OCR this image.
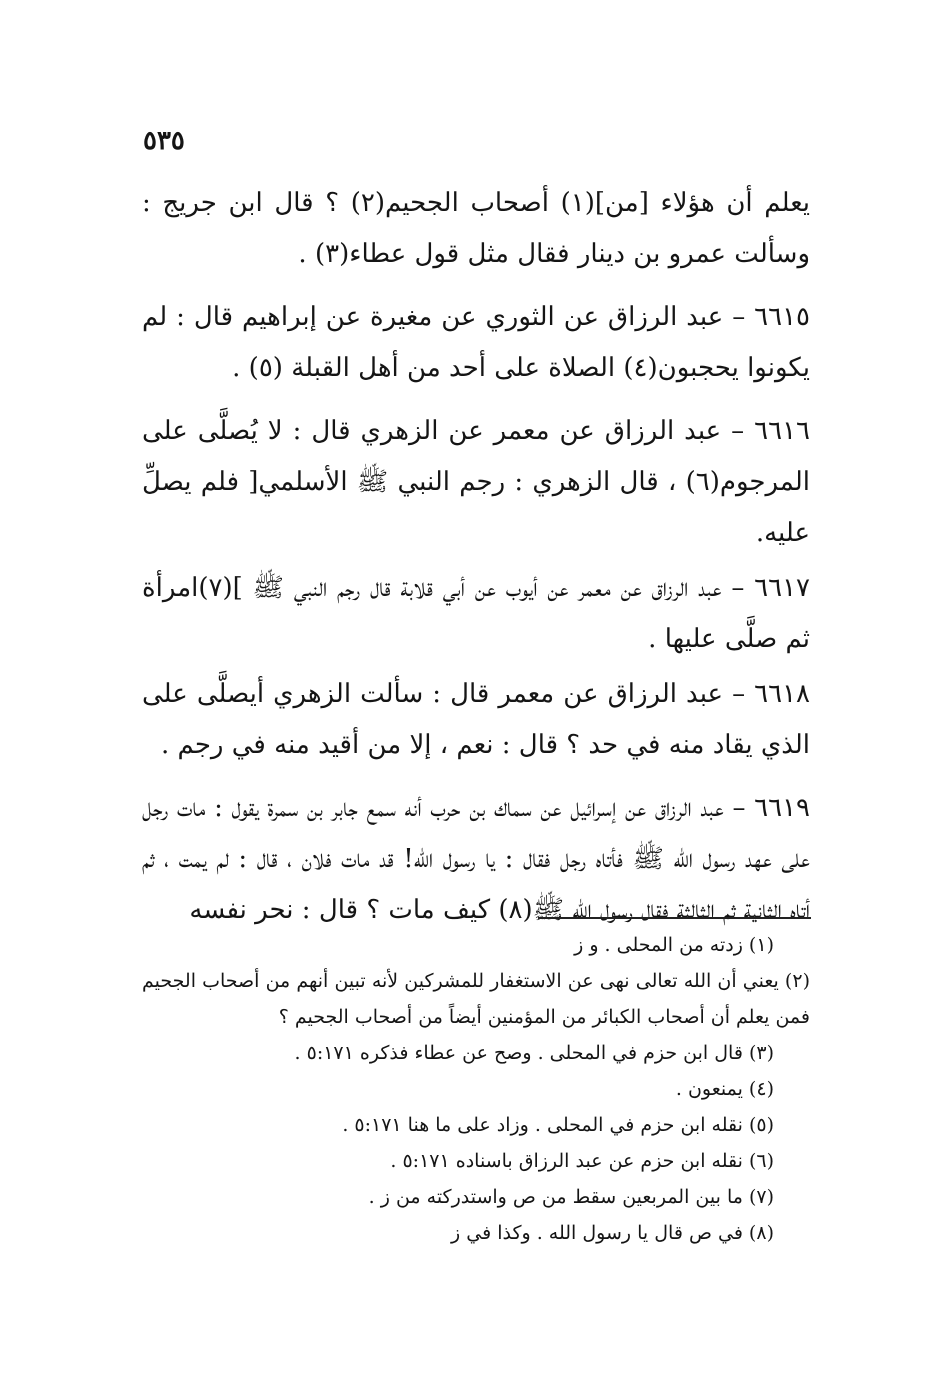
٥٣٥

يعلم أن هؤلاء [من](١) أصحاب الجحيم(٢) ؟ قال ابن جريج : وسألت عمرو بن دينار فقال مثل قول عطاء(٣) .

٦٦١٥ – عبد الرزاق عن الثوري عن مغيرة عن إبراهيم قال : لم يكونوا يحجبون(٤) الصلاة على أحد من أهل القبلة (٥) .

٦٦١٦ – عبد الرزاق عن معمر عن الزهري قال : لا يُصلَّى على المرجوم(٦) ، قال الزهري : رجم النبي ﷺ الأسلمي[ فلم يصلِّ عليه.

٦٦١٧ – عبد الرزاق عن معمر عن أيوب عن أبي قلابة قال رجم النبي ﷺ ](٧)امرأة ثم صلَّى عليها .

٦٦١٨ – عبد الرزاق عن معمر قال : سألت الزهري أيصلَّى على الذي يقاد منه في حد ؟ قال : نعم ، إلا من أقيد منه في رجم .

٦٦١٩ – عبد الرزاق عن إسرائيل عن سماك بن حرب أنه سمع جابر بن سمرة يقول : مات رجل على عهد رسول الله ﷺ فأتاه رجل فقال : يا رسول الله! قد مات فلان ، قال : لم يمت ، ثم أتاه الثانية ثم الثالثة فقال رسول الله ﷺ(٨) كيف مات ؟ قال : نحر نفسه

(١) زدته من المحلى . و ز

(٢) يعني أن الله تعالى نهى عن الاستغفار للمشركين لأنه تبين أنهم من أصحاب الجحيم فمن يعلم أن أصحاب الكبائر من المؤمنين أيضاً من أصحاب الجحيم ؟

(٣) قال ابن حزم في المحلى . وصح عن عطاء فذكره ٥:١٧١ .

(٤) يمنعون .

(٥) نقله ابن حزم في المحلى . وزاد على ما هنا ٥:١٧١ .

(٦) نقله ابن حزم عن عبد الرزاق باسناده ٥:١٧١ .

(٧) ما بين المربعين سقط من ص واستدركته من ز .

(٨) في ص قال يا رسول الله . وكذا في ز
